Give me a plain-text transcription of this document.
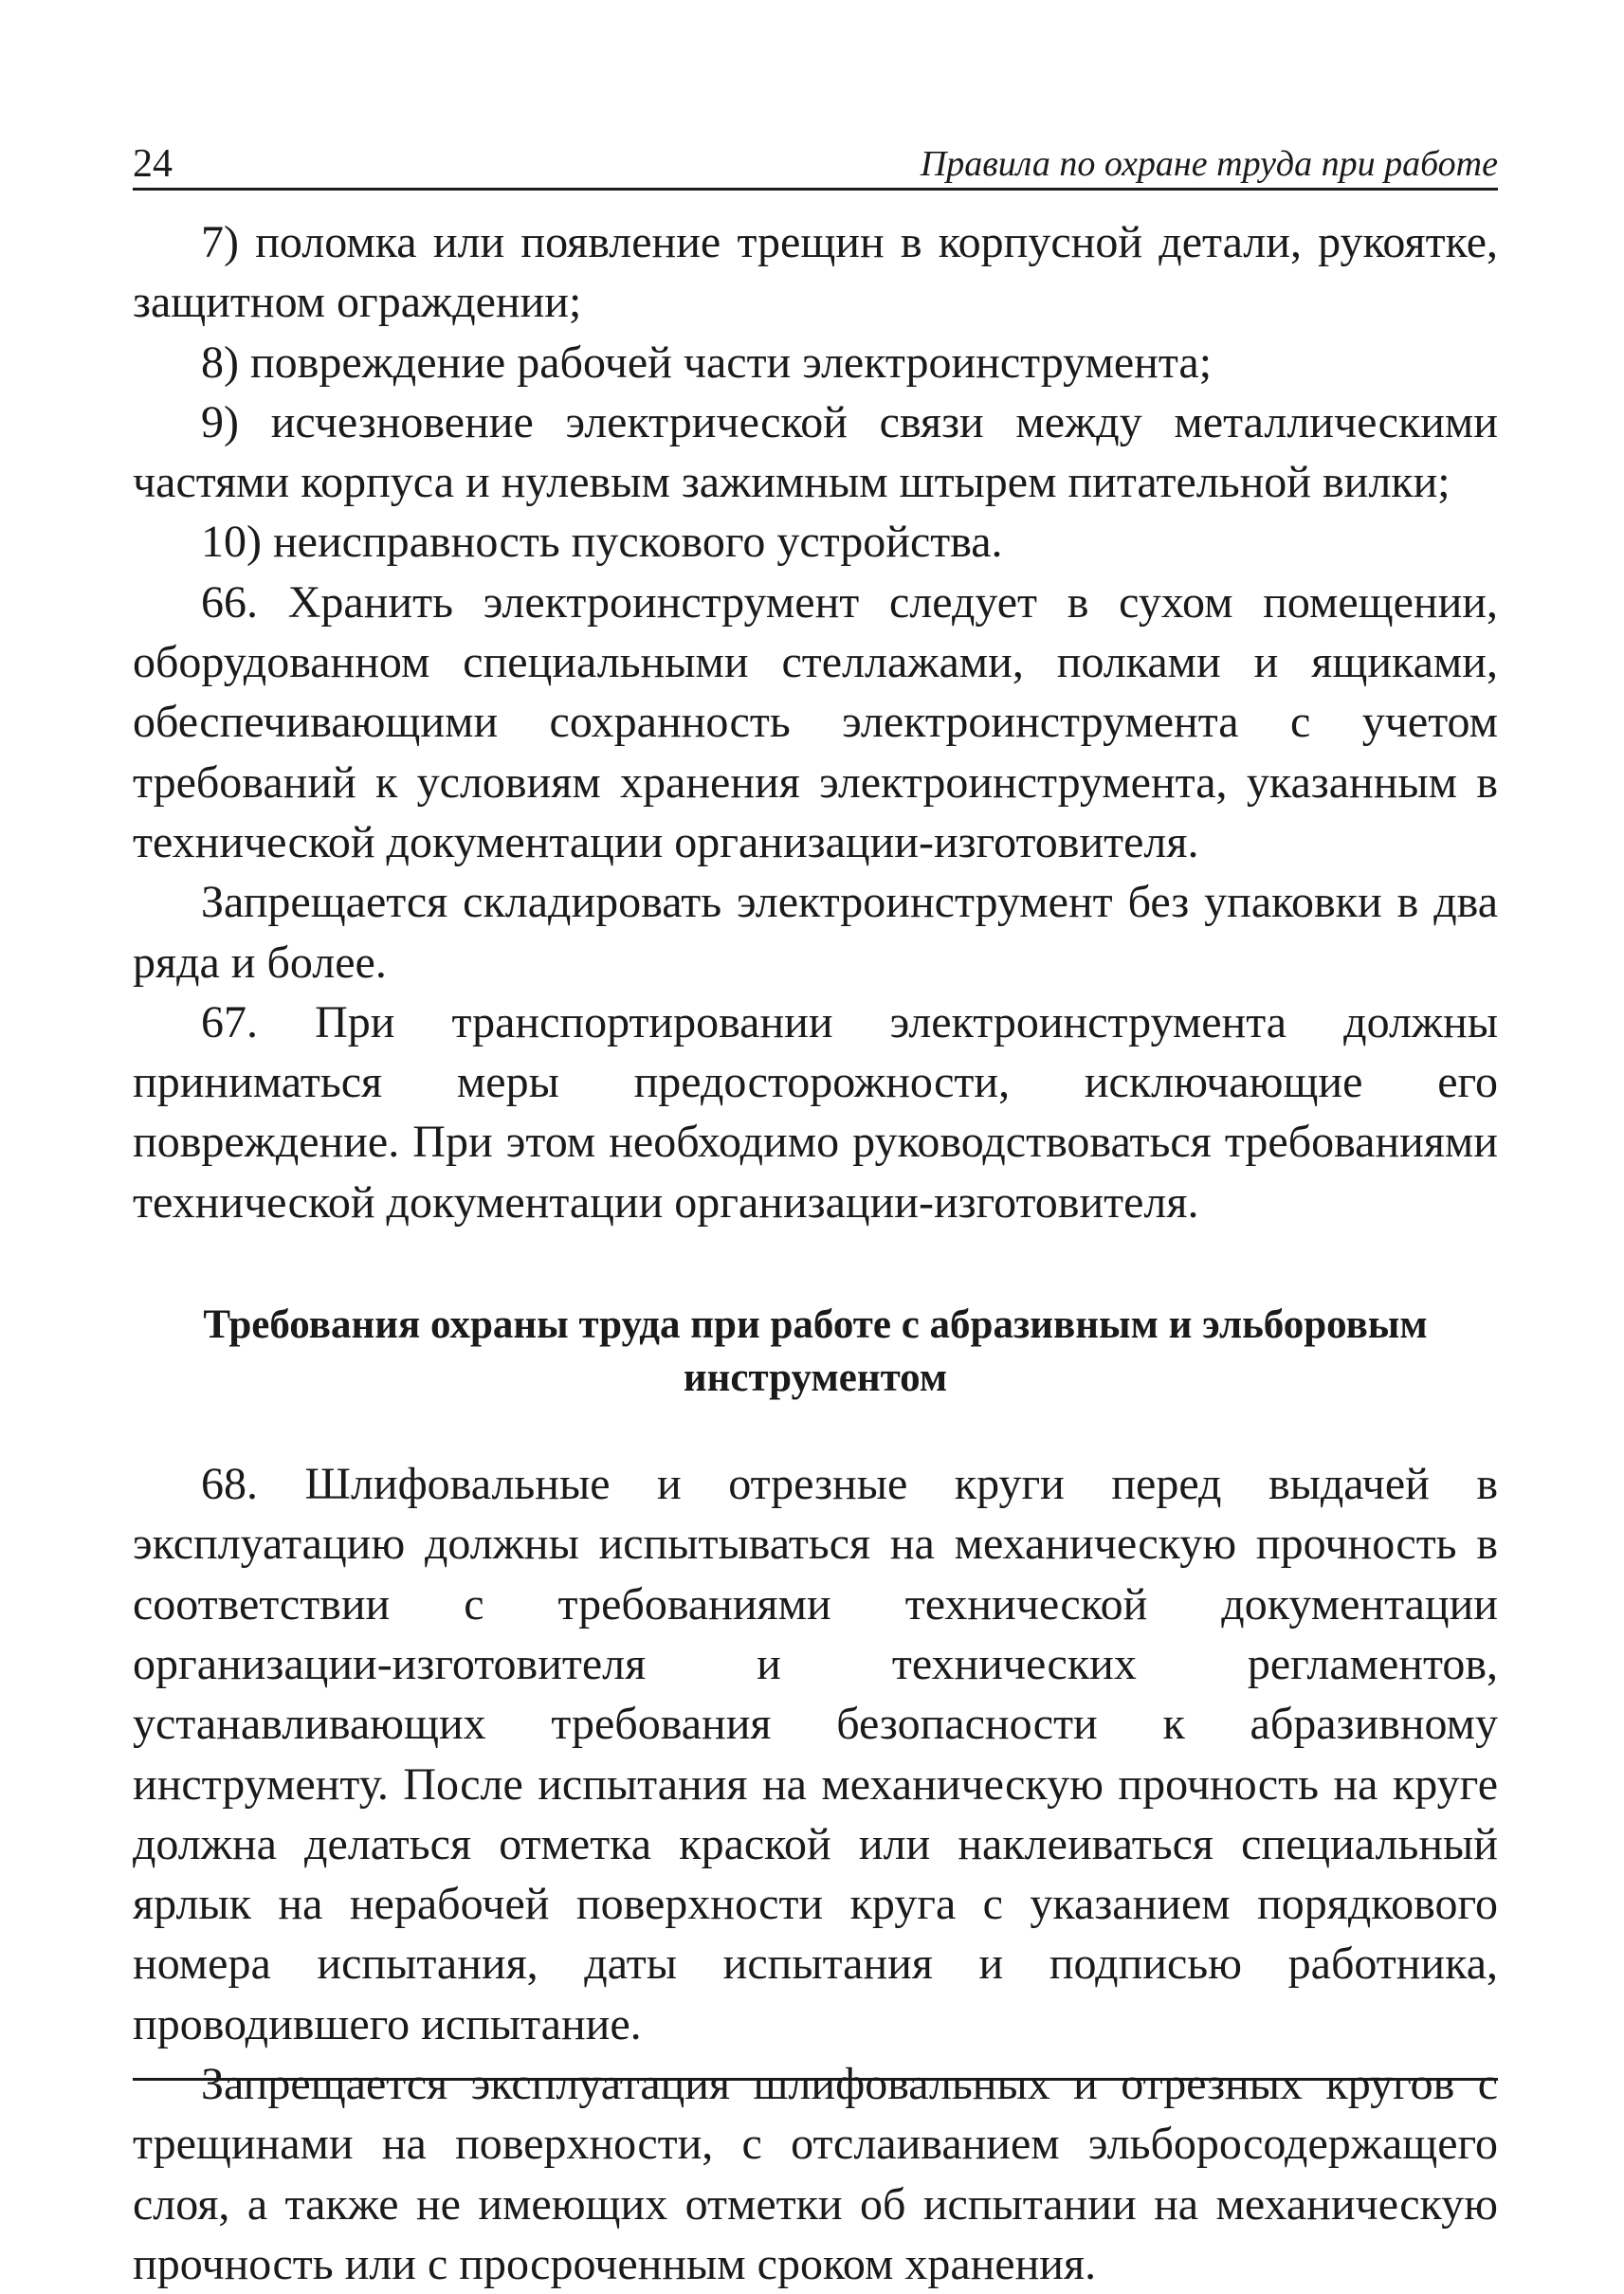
24	Правила по охране труда при работе

7) поломка или появление трещин в корпусной детали, рукоятке, защитном ограждении;

8) повреждение рабочей части электроинструмента;

9) исчезновение электрической связи между металлическими частями корпуса и нулевым зажимным штырем питательной вилки;

10) неисправность пускового устройства.

66. Хранить электроинструмент следует в сухом помещении, оборудованном специальными стеллажами, полками и ящиками, обеспечивающими сохранность электроинструмента с учетом требований к условиям хранения электроинструмента, указанным в технической документации организации-изготовителя.

Запрещается складировать электроинструмент без упаковки в два ряда и более.

67. При транспортировании электроинструмента должны приниматься меры предосторожности, исключающие его повреждение. При этом необходимо руководствоваться требованиями технической документации организации-изготовителя.

Требования охраны труда при работе с абразивным и эльборовым
инструментом

68. Шлифовальные и отрезные круги перед выдачей в эксплуатацию должны испытываться на механическую прочность в соответствии с требованиями технической документации организации-изготовителя и технических регламентов, устанавливающих требования безопасности к абразивному инструменту. После испытания на механическую прочность на круге должна делаться отметка краской или наклеиваться специальный ярлык на нерабочей поверхности круга с указанием порядкового номера испытания, даты испытания и подписью работника, проводившего испытание.

Запрещается эксплуатация шлифовальных и отрезных кругов с трещинами на поверхности, с отслаиванием эльборосодержащего слоя, а также не имеющих отметки об испытании на механическую прочность или с просроченным сроком хранения.
